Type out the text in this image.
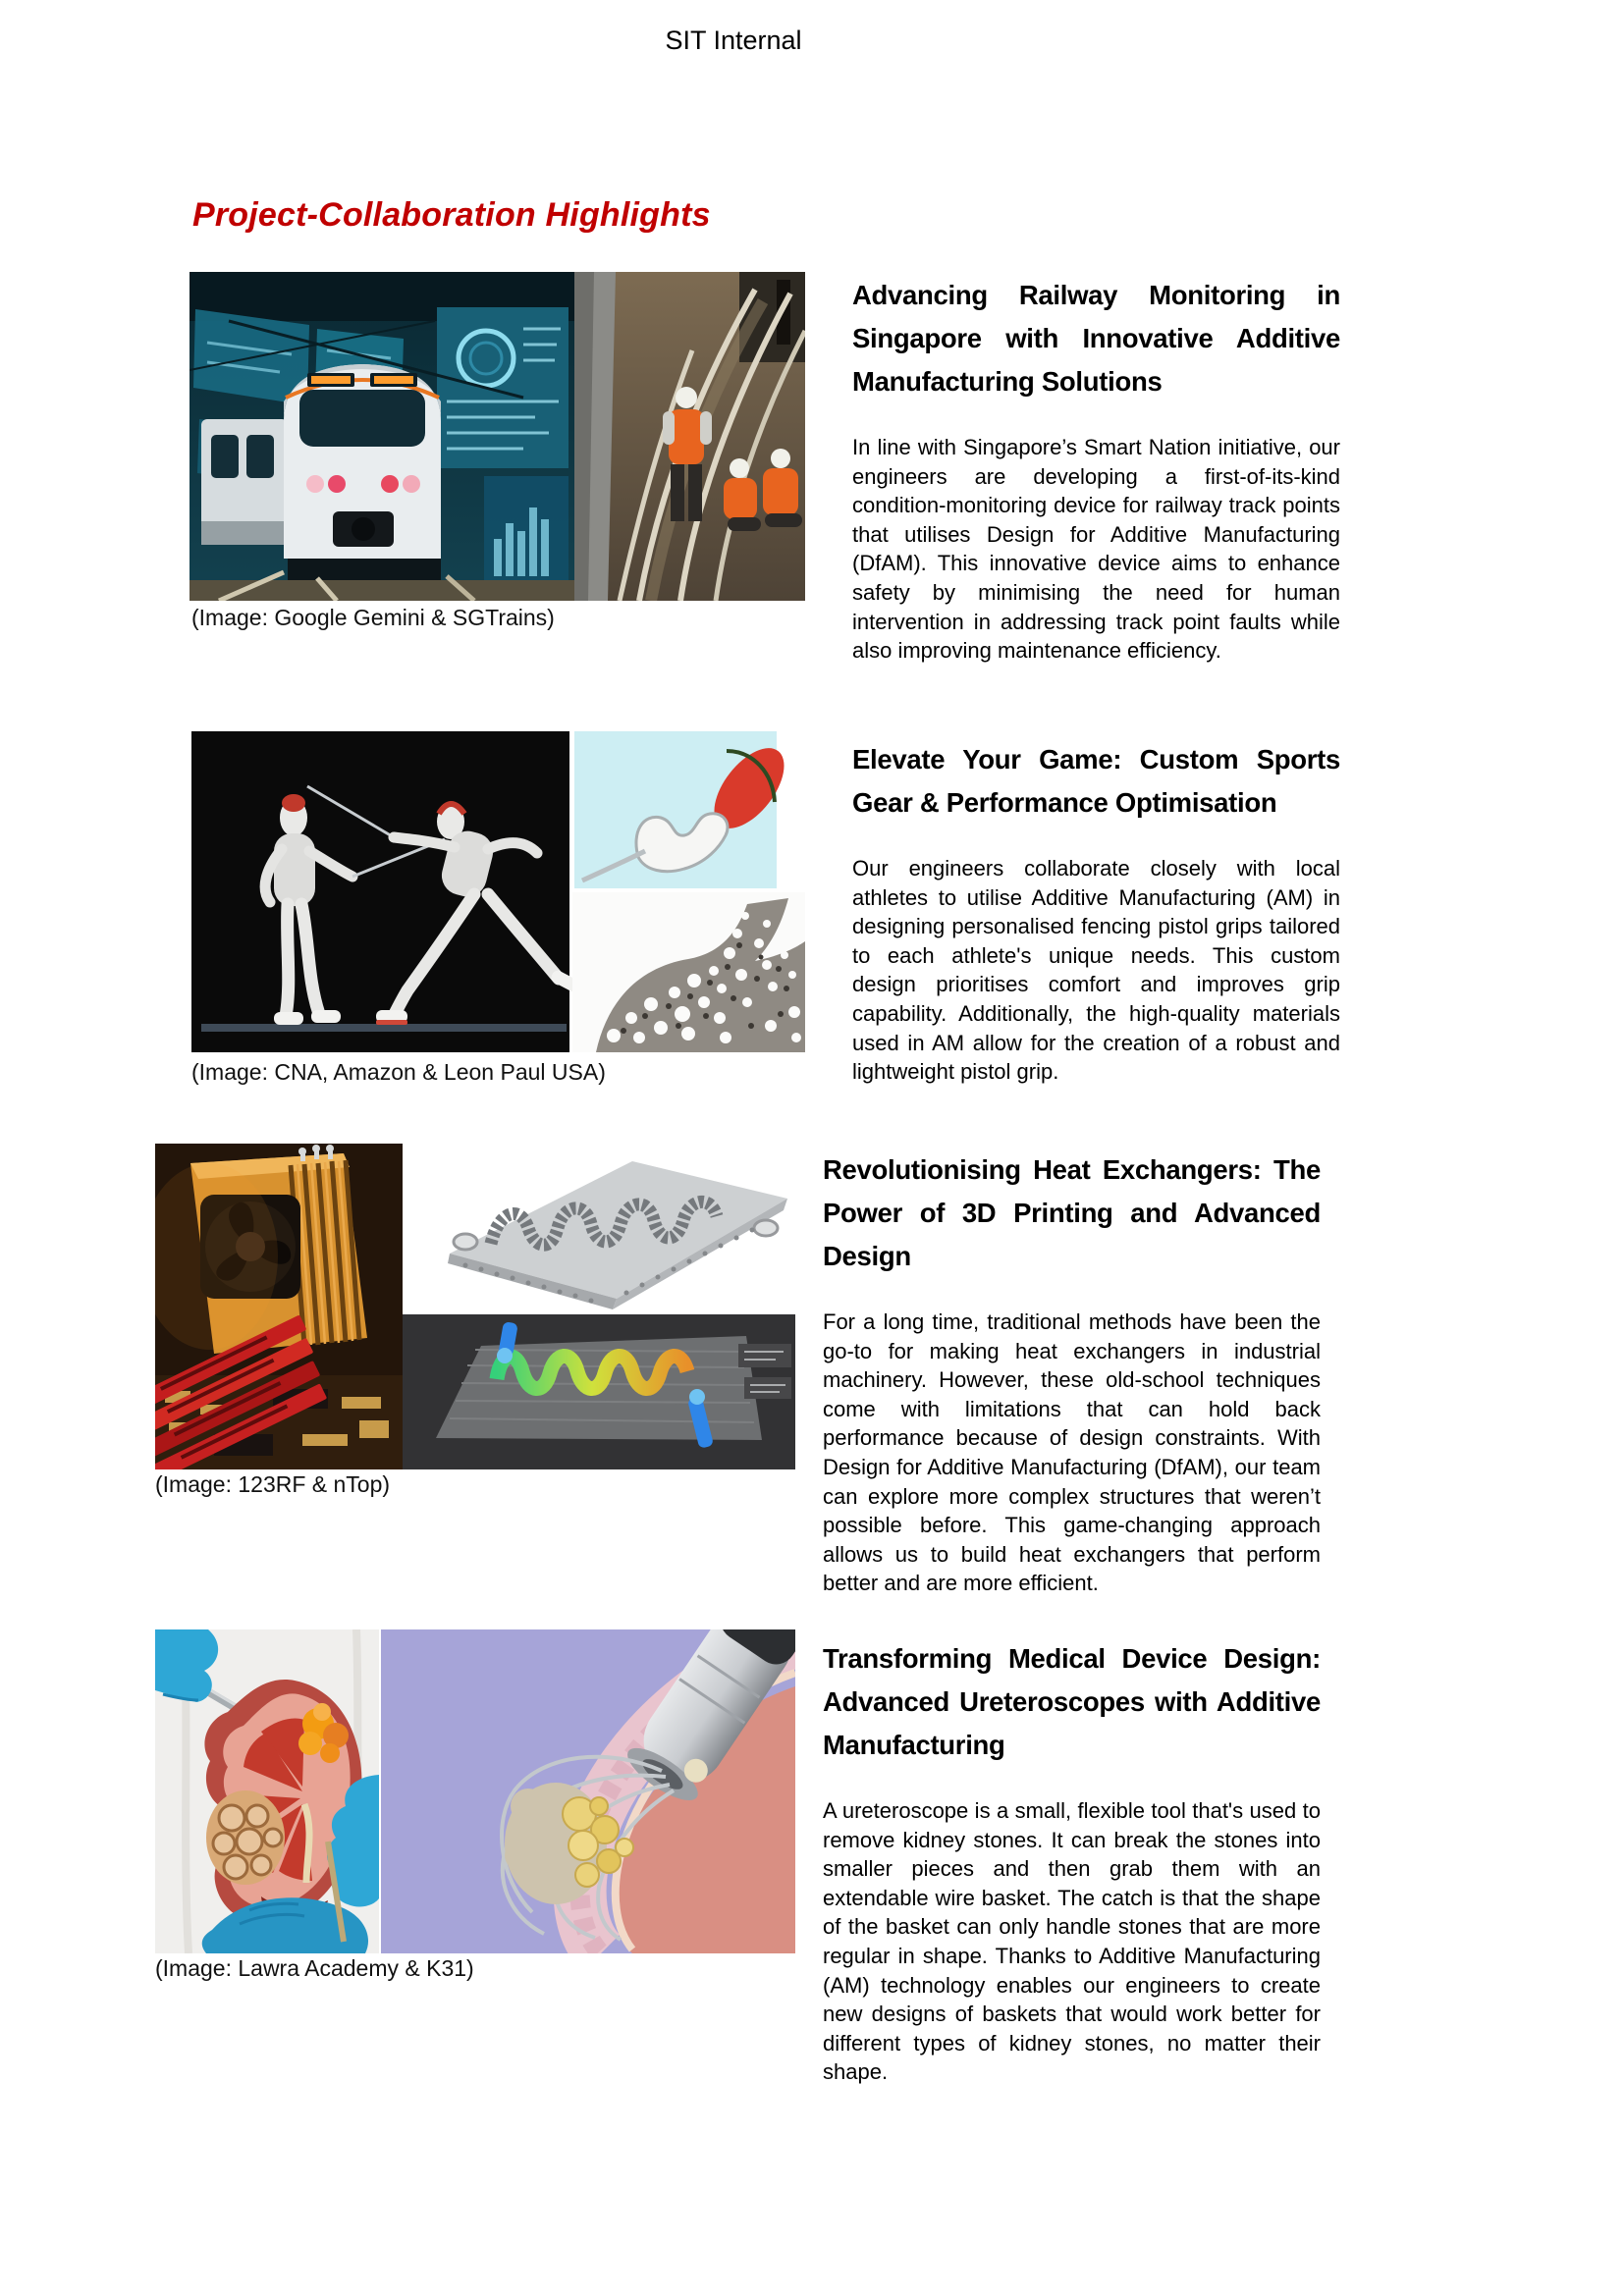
SIT Internal
Project-Collaboration Highlights
(Image: Google Gemini & SGTrains)
Advancing Railway Monitoring in Singapore with Innovative Additive Manufacturing Solutions

In line with Singapore’s Smart Nation initiative, our engineers are developing a first-of-its-kind condition-monitoring device for railway track points that utilises Design for Additive Manufacturing (DfAM). This innovative device aims to enhance safety by minimising the need for human intervention in addressing track point faults while also improving maintenance efficiency.

(Image: CNA, Amazon & Leon Paul USA)
Elevate Your Game: Custom Sports Gear & Performance Optimisation

Our engineers collaborate closely with local athletes to utilise Additive Manufacturing (AM) in designing personalised fencing pistol grips tailored to each athlete's unique needs. This custom design prioritises comfort and improves grip capability. Additionally, the high-quality materials used in AM allow for the creation of a robust and lightweight pistol grip.

(Image: 123RF & nTop)
Revolutionising Heat Exchangers: The Power of 3D Printing and Advanced Design

For a long time, traditional methods have been the go-to for making heat exchangers in industrial machinery. However, these old-school techniques come with limitations that can hold back performance because of design constraints. With Design for Additive Manufacturing (DfAM), our team can explore more complex structures that weren’t possible before. This game-changing approach allows us to build heat exchangers that perform better and are more efficient.

(Image: Lawra Academy & K31)
Transforming Medical Device Design: Advanced Ureteroscopes with Additive Manufacturing

A ureteroscope is a small, flexible tool that's used to remove kidney stones. It can break the stones into smaller pieces and then grab them with an extendable wire basket. The catch is that the shape of the basket can only handle stones that are more regular in shape. Thanks to Additive Manufacturing (AM) technology enables our engineers to create new designs of baskets that would work better for different types of kidney stones, no matter their shape.
